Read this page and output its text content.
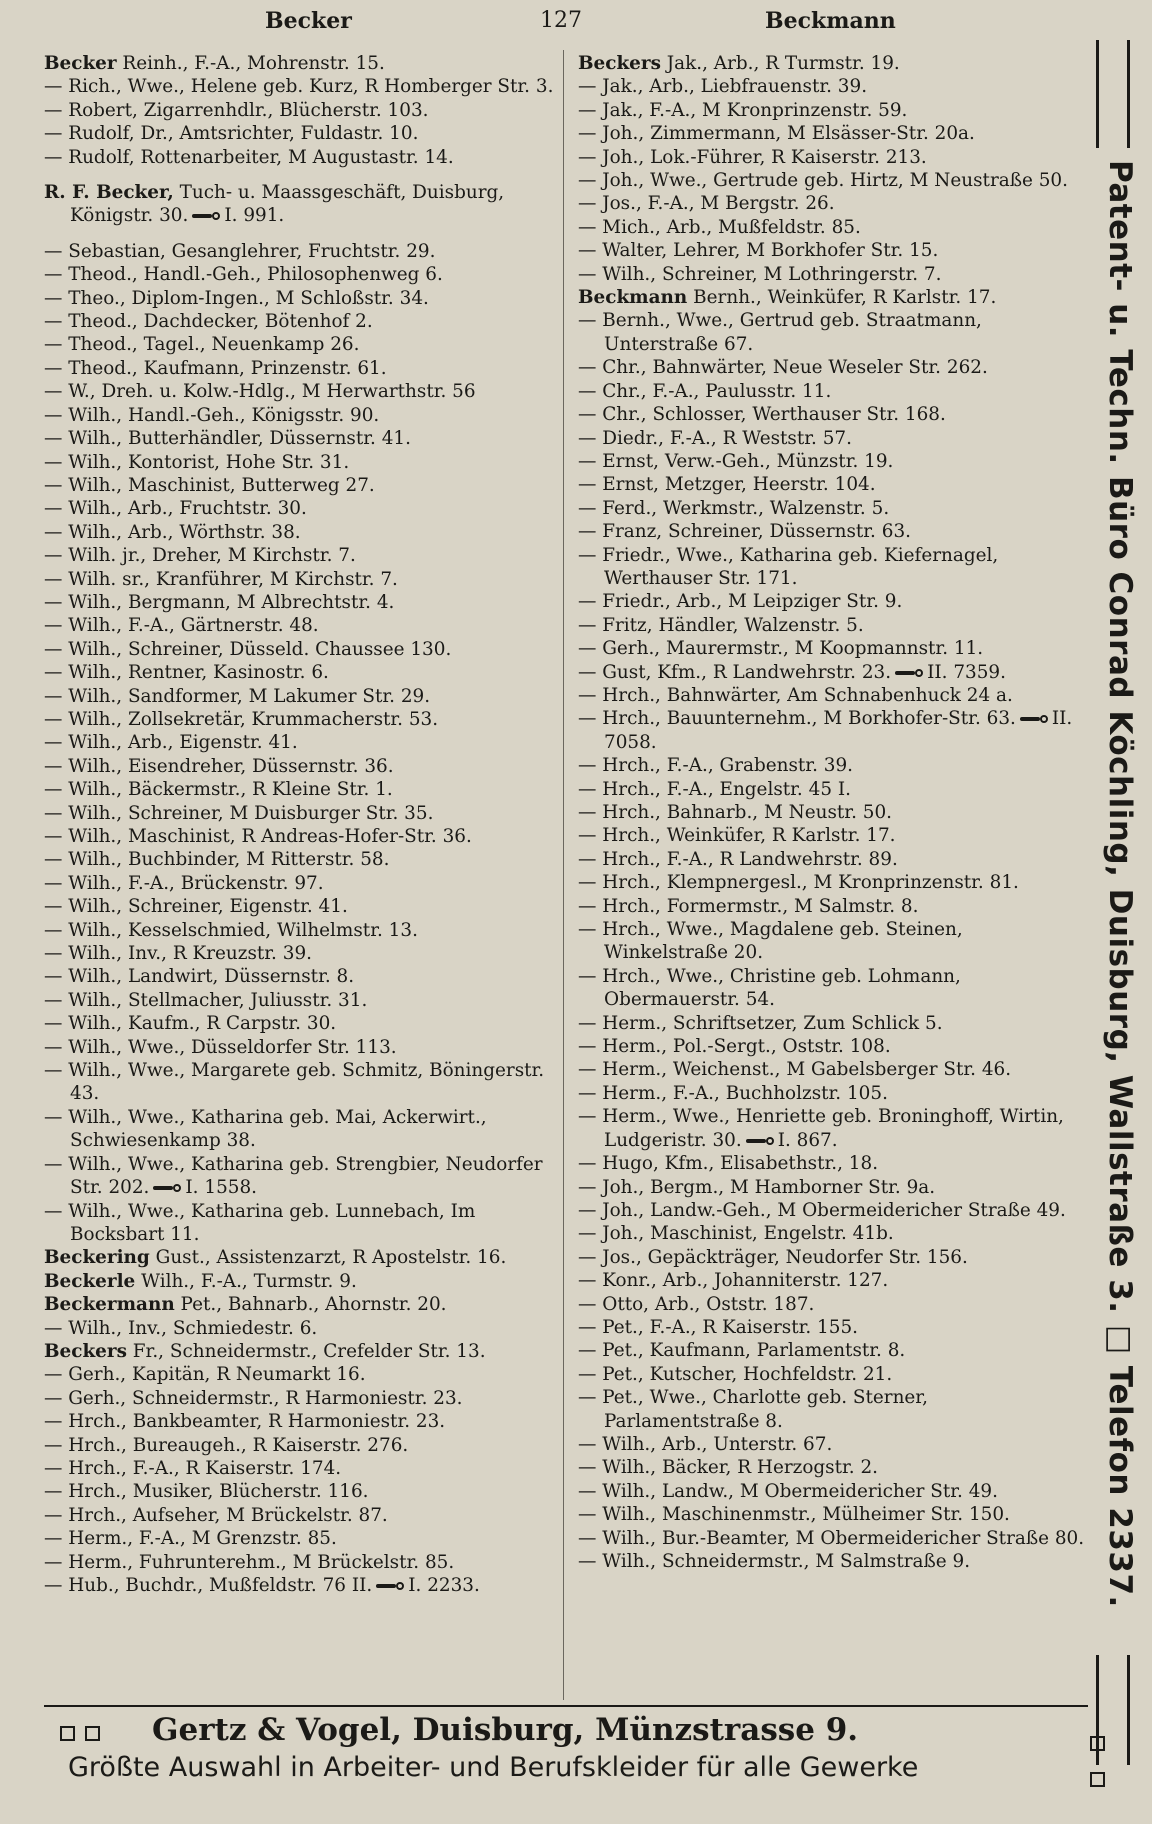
Becker	127	Beckmann
Becker Reinh., F.-A., Mohrenstr. 15.
— Rich., Wwe., Helene geb. Kurz, R Homberger Str. 3.
— Robert, Zigarrenhdlr., Blücherstr. 103.
— Rudolf, Dr., Amtsrichter, Fuldastr. 10.
— Rudolf, Rottenarbeiter, M Augustastr. 14.
R. F. Becker, Tuch- u. Maassgeschäft, Duisburg, Königstr. 30. I. 991.
— Sebastian, Gesanglehrer, Fruchtstr. 29.
— Theod., Handl.-Geh., Philosophenweg 6.
— Theo., Diplom-Ingen., M Schloßstr. 34.
— Theod., Dachdecker, Bötenhof 2.
— Theod., Tagel., Neuenkamp 26.
— Theod., Kaufmann, Prinzenstr. 61.
— W., Dreh. u. Kolw.-Hdlg., M Herwarthstr. 56
— Wilh., Handl.-Geh., Königsstr. 90.
— Wilh., Butterhändler, Düssernstr. 41.
— Wilh., Kontorist, Hohe Str. 31.
— Wilh., Maschinist, Butterweg 27.
— Wilh., Arb., Fruchtstr. 30.
— Wilh., Arb., Wörthstr. 38.
— Wilh. jr., Dreher, M Kirchstr. 7.
— Wilh. sr., Kranführer, M Kirchstr. 7.
— Wilh., Bergmann, M Albrechtstr. 4.
— Wilh., F.-A., Gärtnerstr. 48.
— Wilh., Schreiner, Düsseld. Chaussee 130.
— Wilh., Rentner, Kasinostr. 6.
— Wilh., Sandformer, M Lakumer Str. 29.
— Wilh., Zollsekretär, Krummacherstr. 53.
— Wilh., Arb., Eigenstr. 41.
— Wilh., Eisendreher, Düssernstr. 36.
— Wilh., Bäckermstr., R Kleine Str. 1.
— Wilh., Schreiner, M Duisburger Str. 35.
— Wilh., Maschinist, R Andreas-Hofer-Str. 36.
— Wilh., Buchbinder, M Ritterstr. 58.
— Wilh., F.-A., Brückenstr. 97.
— Wilh., Schreiner, Eigenstr. 41.
— Wilh., Kesselschmied, Wilhelmstr. 13.
— Wilh., Inv., R Kreuzstr. 39.
— Wilh., Landwirt, Düssernstr. 8.
— Wilh., Stellmacher, Juliusstr. 31.
— Wilh., Kaufm., R Carpstr. 30.
— Wilh., Wwe., Düsseldorfer Str. 113.
— Wilh., Wwe., Margarete geb. Schmitz, Böningerstr. 43.
— Wilh., Wwe., Katharina geb. Mai, Ackerwirt., Schwiesenkamp 38.
— Wilh., Wwe., Katharina geb. Strengbier, Neudorfer Str. 202. I. 1558.
— Wilh., Wwe., Katharina geb. Lunnebach, Im Bocksbart 11.
Beckering Gust., Assistenzarzt, R Apostelstr. 16.
Beckerle Wilh., F.-A., Turmstr. 9.
Beckermann Pet., Bahnarb., Ahornstr. 20.
— Wilh., Inv., Schmiedestr. 6.
Beckers Fr., Schneidermstr., Crefelder Str. 13.
— Gerh., Kapitän, R Neumarkt 16.
— Gerh., Schneidermstr., R Harmoniestr. 23.
— Hrch., Bankbeamter, R Harmoniestr. 23.
— Hrch., Bureaugeh., R Kaiserstr. 276.
— Hrch., F.-A., R Kaiserstr. 174.
— Hrch., Musiker, Blücherstr. 116.
— Hrch., Aufseher, M Brückelstr. 87.
— Herm., F.-A., M Grenzstr. 85.
— Herm., Fuhrunterehm., M Brückelstr. 85.
— Hub., Buchdr., Mußfeldstr. 76 II. I. 2233.
Beckers Jak., Arb., R Turmstr. 19.
— Jak., Arb., Liebfrauenstr. 39.
— Jak., F.-A., M Kronprinzenstr. 59.
— Joh., Zimmermann, M Elsässer-Str. 20a.
— Joh., Lok.-Führer, R Kaiserstr. 213.
— Joh., Wwe., Gertrude geb. Hirtz, M Neustraße 50.
— Jos., F.-A., M Bergstr. 26.
— Mich., Arb., Mußfeldstr. 85.
— Walter, Lehrer, M Borkhofer Str. 15.
— Wilh., Schreiner, M Lothringerstr. 7.
Beckmann Bernh., Weinküfer, R Karlstr. 17.
— Bernh., Wwe., Gertrud geb. Straatmann, Unterstraße 67.
— Chr., Bahnwärter, Neue Weseler Str. 262.
— Chr., F.-A., Paulusstr. 11.
— Chr., Schlosser, Werthauser Str. 168.
— Diedr., F.-A., R Weststr. 57.
— Ernst, Verw.-Geh., Münzstr. 19.
— Ernst, Metzger, Heerstr. 104.
— Ferd., Werkmstr., Walzenstr. 5.
— Franz, Schreiner, Düssernstr. 63.
— Friedr., Wwe., Katharina geb. Kiefernagel, Werthauser Str. 171.
— Friedr., Arb., M Leipziger Str. 9.
— Fritz, Händler, Walzenstr. 5.
— Gerh., Maurermstr., M Koopmannstr. 11.
— Gust, Kfm., R Landwehrstr. 23. II. 7359.
— Hrch., Bahnwärter, Am Schnabenhuck 24 a.
— Hrch., Bauunternehm., M Borkhofer-Str. 63. II. 7058.
— Hrch., F.-A., Grabenstr. 39.
— Hrch., F.-A., Engelstr. 45 I.
— Hrch., Bahnarb., M Neustr. 50.
— Hrch., Weinküfer, R Karlstr. 17.
— Hrch., F.-A., R Landwehrstr. 89.
— Hrch., Klempnergesl., M Kronprinzenstr. 81.
— Hrch., Formermstr., M Salmstr. 8.
— Hrch., Wwe., Magdalene geb. Steinen, Winkelstraße 20.
— Hrch., Wwe., Christine geb. Lohmann, Obermauerstr. 54.
— Herm., Schriftsetzer, Zum Schlick 5.
— Herm., Pol.-Sergt., Oststr. 108.
— Herm., Weichenst., M Gabelsberger Str. 46.
— Herm., F.-A., Buchholzstr. 105.
— Herm., Wwe., Henriette geb. Broninghoff, Wirtin, Ludgeristr. 30. I. 867.
— Hugo, Kfm., Elisabethstr., 18.
— Joh., Bergm., M Hamborner Str. 9a.
— Joh., Landw.-Geh., M Obermeidericher Straße 49.
— Joh., Maschinist, Engelstr. 41b.
— Jos., Gepäckträger, Neudorfer Str. 156.
— Konr., Arb., Johanniterstr. 127.
— Otto, Arb., Oststr. 187.
— Pet., F.-A., R Kaiserstr. 155.
— Pet., Kaufmann, Parlamentstr. 8.
— Pet., Kutscher, Hochfeldstr. 21.
— Pet., Wwe., Charlotte geb. Sterner, Parlamentstraße 8.
— Wilh., Arb., Unterstr. 67.
— Wilh., Bäcker, R Herzogstr. 2.
— Wilh., Landw., M Obermeidericher Str. 49.
— Wilh., Maschinenmstr., Mülheimer Str. 150.
— Wilh., Bur.-Beamter, M Obermeidericher Straße 80.
— Wilh., Schneidermstr., M Salmstraße 9.	Patent- u. Techn. Büro Conrad Köchling, Duisburg, Wallstraße 3. □ Telefon 2337.
Gertz & Vogel, Duisburg, Münzstrasse 9.
Größte Auswahl in Arbeiter- und Berufskleider für alle Gewerke
